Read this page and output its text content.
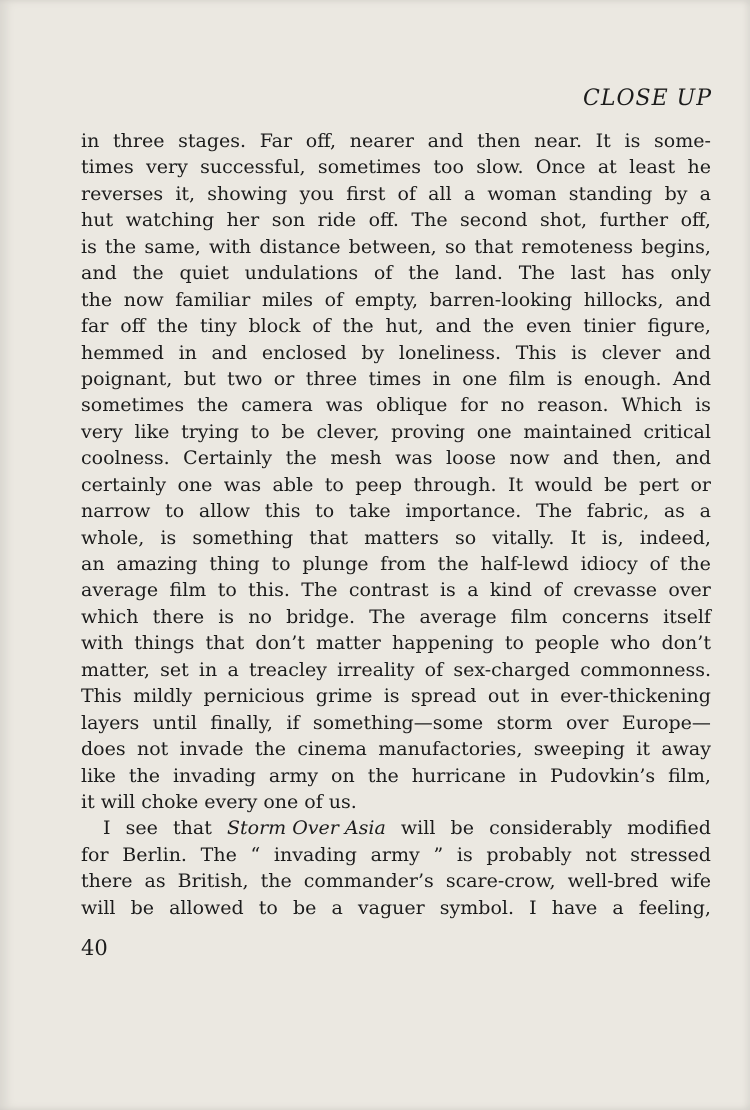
CLOSE UP
in three stages. Far off, nearer and then near. It is some-
times very successful, sometimes too slow. Once at least he
reverses it, showing you first of all a woman standing by a
hut watching her son ride off. The second shot, further off,
is the same, with distance between, so that remoteness begins,
and the quiet undulations of the land. The last has only
the now familiar miles of empty, barren-looking hillocks, and
far off the tiny block of the hut, and the even tinier figure,
hemmed in and enclosed by loneliness. This is clever and
poignant, but two or three times in one film is enough. And
sometimes the camera was oblique for no reason. Which is
very like trying to be clever, proving one maintained critical
coolness. Certainly the mesh was loose now and then, and
certainly one was able to peep through. It would be pert or
narrow to allow this to take importance. The fabric, as a
whole, is something that matters so vitally. It is, indeed,
an amazing thing to plunge from the half-lewd idiocy of the
average film to this. The contrast is a kind of crevasse over
which there is no bridge. The average film concerns itself
with things that don’t matter happening to people who don’t
matter, set in a treacley irreality of sex-charged commonness.
This mildly pernicious grime is spread out in ever-thickening
layers until finally, if something—some storm over Europe—
does not invade the cinema manufactories, sweeping it away
like the invading army on the hurricane in Pudovkin’s film,
it will choke every one of us.
I see that Storm Over Asia will be considerably modified
for Berlin. The “ invading army ” is probably not stressed
there as British, the commander’s scare-crow, well-bred wife
will be allowed to be a vaguer symbol. I have a feeling,
40
